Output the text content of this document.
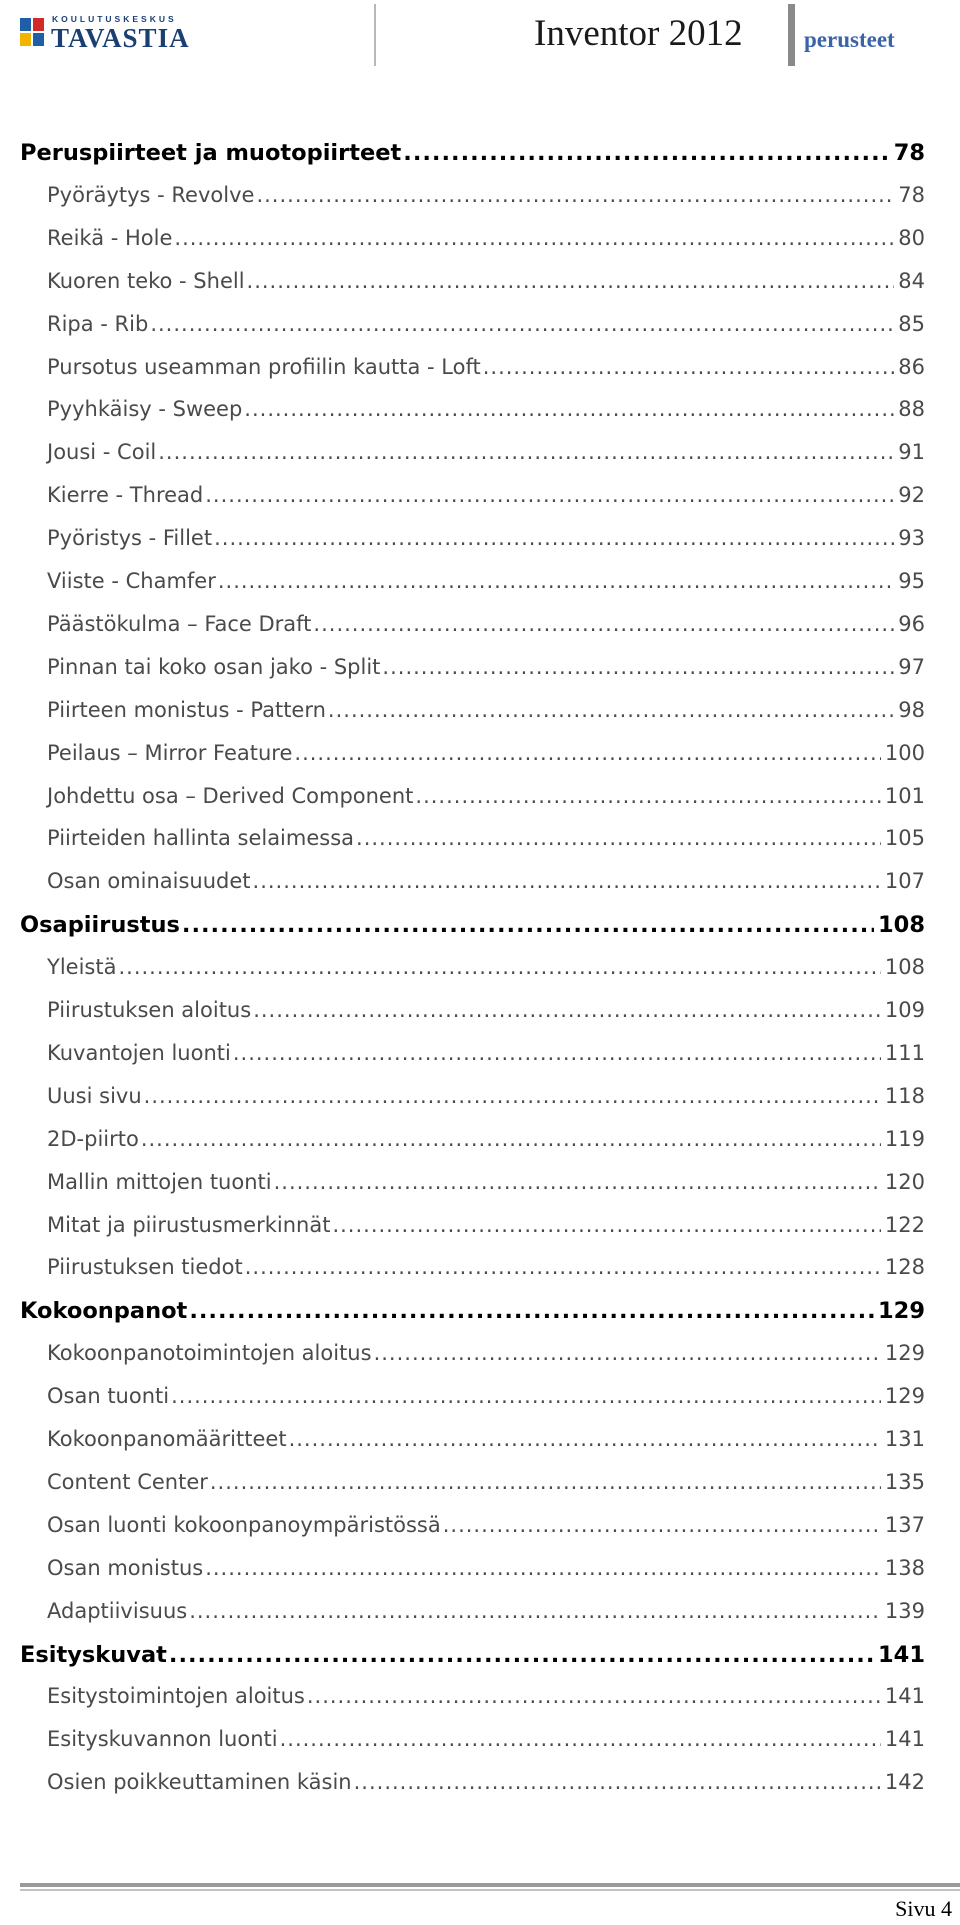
KOULUTUSKESKUS
TAVASTIA	Inventor 2012	perusteet
Peruspiirteet ja muotopiirteet .....	78
Pyöräytys - Revolve .....	78
Reikä - Hole .....	80
Kuoren teko - Shell .....	84
Ripa - Rib .....	85
Pursotus useamman profiilin kautta - Loft .....	86
Pyyhkäisy - Sweep .....	88
Jousi - Coil .....	91
Kierre - Thread .....	92
Pyöristys - Fillet .....	93
Viiste - Chamfer .....	95
Päästökulma – Face Draft .....	96
Pinnan tai koko osan jako - Split .....	97
Piirteen monistus - Pattern .....	98
Peilaus – Mirror Feature .....	100
Johdettu osa – Derived Component .....	101
Piirteiden hallinta selaimessa .....	105
Osan ominaisuudet .....	107
Osapiirustus .....	108
Yleistä .....	108
Piirustuksen aloitus .....	109
Kuvantojen luonti .....	111
Uusi sivu .....	118
2D-piirto .....	119
Mallin mittojen tuonti .....	120
Mitat ja piirustusmerkinnät .....	122
Piirustuksen tiedot .....	128
Kokoonpanot .....	129
Kokoonpanotoimintojen aloitus .....	129
Osan tuonti .....	129
Kokoonpanomääritteet .....	131
Content Center .....	135
Osan luonti kokoonpanoympäristössä .....	137
Osan monistus .....	138
Adaptiivisuus .....	139
Esityskuvat .....	141
Esitystoimintojen aloitus .....	141
Esityskuvannon luonti .....	141
Osien poikkeuttaminen käsin .....	142
Sivu 4
